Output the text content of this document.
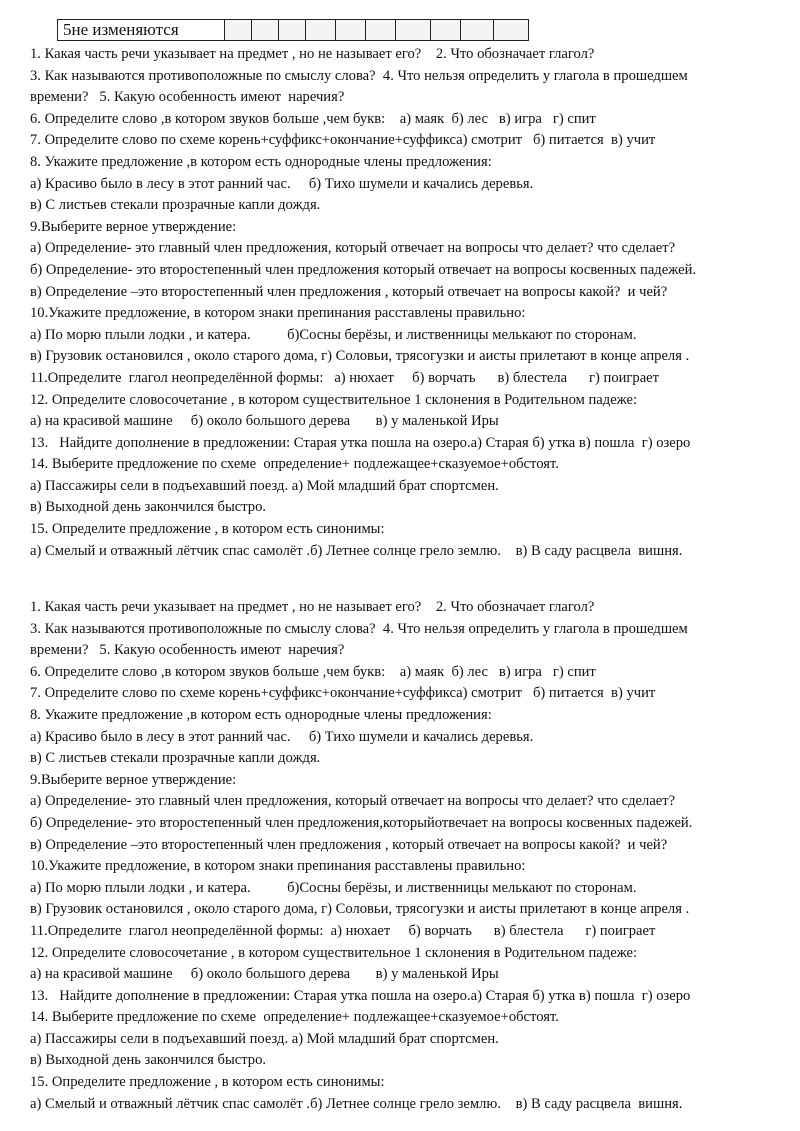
5не изменяются
1. Какая часть речи указывает на предмет , но не называет его?    2. Что обозначает глагол?
3. Как называются противоположные по смыслу слова?  4. Что нельзя определить у глагола в прошедшем
времени?   5. Какую особенность имеют  наречия?
6. Определите слово ,в котором звуков больше ,чем букв:    а) маяк  б) лес   в) игра   г) спит
7. Определите слово по схеме корень+суффикс+окончание+суффикса) смотрит   б) питается  в) учит
8. Укажите предложение ,в котором есть однородные члены предложения:
а) Красиво было в лесу в этот ранний час.     б) Тихо шумели и качались деревья.
в) С листьев стекали прозрачные капли дождя.
9.Выберите верное утверждение:
а) Определение- это главный член предложения, который отвечает на вопросы что делает? что сделает?
б) Определение- это второстепенный член предложения который отвечает на вопросы косвенных падежей.
в) Определение –это второстепенный член предложения , который отвечает на вопросы какой?  и чей?
10.Укажите предложение, в котором знаки препинания расставлены правильно:
а) По морю плыли лодки , и катера.          б)Сосны берёзы, и лиственницы мелькают по сторонам.
в) Грузовик остановился , около старого дома, г) Соловьи, трясогузки и аисты прилетают в конце апреля .
11.Определите  глагол неопределённой формы:   а) нюхает     б) ворчать      в) блестела      г) поиграет
12. Определите словосочетание , в котором существительное 1 склонения в Родительном падеже:
а) на красивой машине     б) около большого дерева       в) у маленькой Иры
13.   Найдите дополнение в предложении: Старая утка пошла на озеро.а) Старая б) утка в) пошла  г) озеро
14. Выберите предложение по схеме  определение+ подлежащее+сказуемое+обстоят.
а) Пассажиры сели в подъехавший поезд. а) Мой младший брат спортсмен.
в) Выходной день закончился быстро.
15. Определите предложение , в котором есть синонимы:
а) Смелый и отважный лётчик спас самолёт .б) Летнее солнце грело землю.    в) В саду расцвела  вишня.
1. Какая часть речи указывает на предмет , но не называет его?    2. Что обозначает глагол?
3. Как называются противоположные по смыслу слова?  4. Что нельзя определить у глагола в прошедшем
времени?   5. Какую особенность имеют  наречия?
6. Определите слово ,в котором звуков больше ,чем букв:    а) маяк  б) лес   в) игра   г) спит
7. Определите слово по схеме корень+суффикс+окончание+суффикса) смотрит   б) питается  в) учит
8. Укажите предложение ,в котором есть однородные члены предложения:
а) Красиво было в лесу в этот ранний час.     б) Тихо шумели и качались деревья.
в) С листьев стекали прозрачные капли дождя.
9.Выберите верное утверждение:
а) Определение- это главный член предложения, который отвечает на вопросы что делает? что сделает?
б) Определение- это второстепенный член предложения,которыйотвечает на вопросы косвенных падежей.
в) Определение –это второстепенный член предложения , который отвечает на вопросы какой?  и чей?
10.Укажите предложение, в котором знаки препинания расставлены правильно:
а) По морю плыли лодки , и катера.          б)Сосны берёзы, и лиственницы мелькают по сторонам.
в) Грузовик остановился , около старого дома, г) Соловьи, трясогузки и аисты прилетают в конце апреля .
11.Определите  глагол неопределённой формы:  а) нюхает     б) ворчать      в) блестела      г) поиграет
12. Определите словосочетание , в котором существительное 1 склонения в Родительном падеже:
а) на красивой машине     б) около большого дерева       в) у маленькой Иры
13.   Найдите дополнение в предложении: Старая утка пошла на озеро.а) Старая б) утка в) пошла  г) озеро
14. Выберите предложение по схеме  определение+ подлежащее+сказуемое+обстоят.
а) Пассажиры сели в подъехавший поезд. а) Мой младший брат спортсмен.
в) Выходной день закончился быстро.
15. Определите предложение , в котором есть синонимы:
а) Смелый и отважный лётчик спас самолёт .б) Летнее солнце грело землю.    в) В саду расцвела  вишня.
